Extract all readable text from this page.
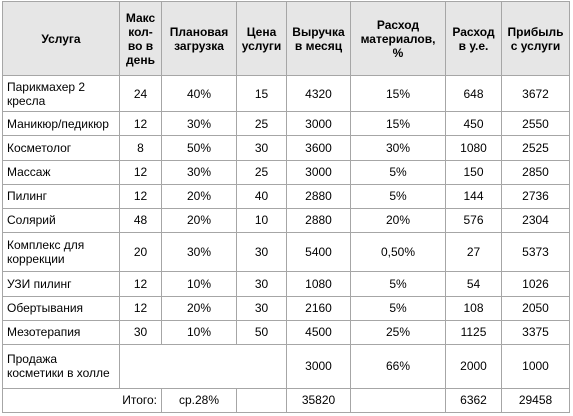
Услуга	Макс кол-во в день	Плановая загрузка	Цена услуги	Выручка в месяц	Расход материалов, %	Расход в у.е.	Прибыль с услуги
Парикмахер 2 кресла	24	40%	15	4320	15%	648	3672
Маникюр/педикюр	12	30%	25	3000	15%	450	2550
Косметолог	8	50%	30	3600	30%	1080	2525
Массаж	12	30%	25	3000	5%	150	2850
Пилинг	12	20%	40	2880	5%	144	2736
Солярий	48	20%	10	2880	20%	576	2304
Комплекс для коррекции	20	30%	30	5400	0,50%	27	5373
УЗИ пилинг	12	10%	30	1080	5%	54	1026
Обертывания	12	20%	30	2160	5%	108	2050
Мезотерапия	30	10%	50	4500	25%	1125	3375
Продажа косметики в холле				3000	66%	2000	1000
Итого:		ср.28%		35820		6362	29458
